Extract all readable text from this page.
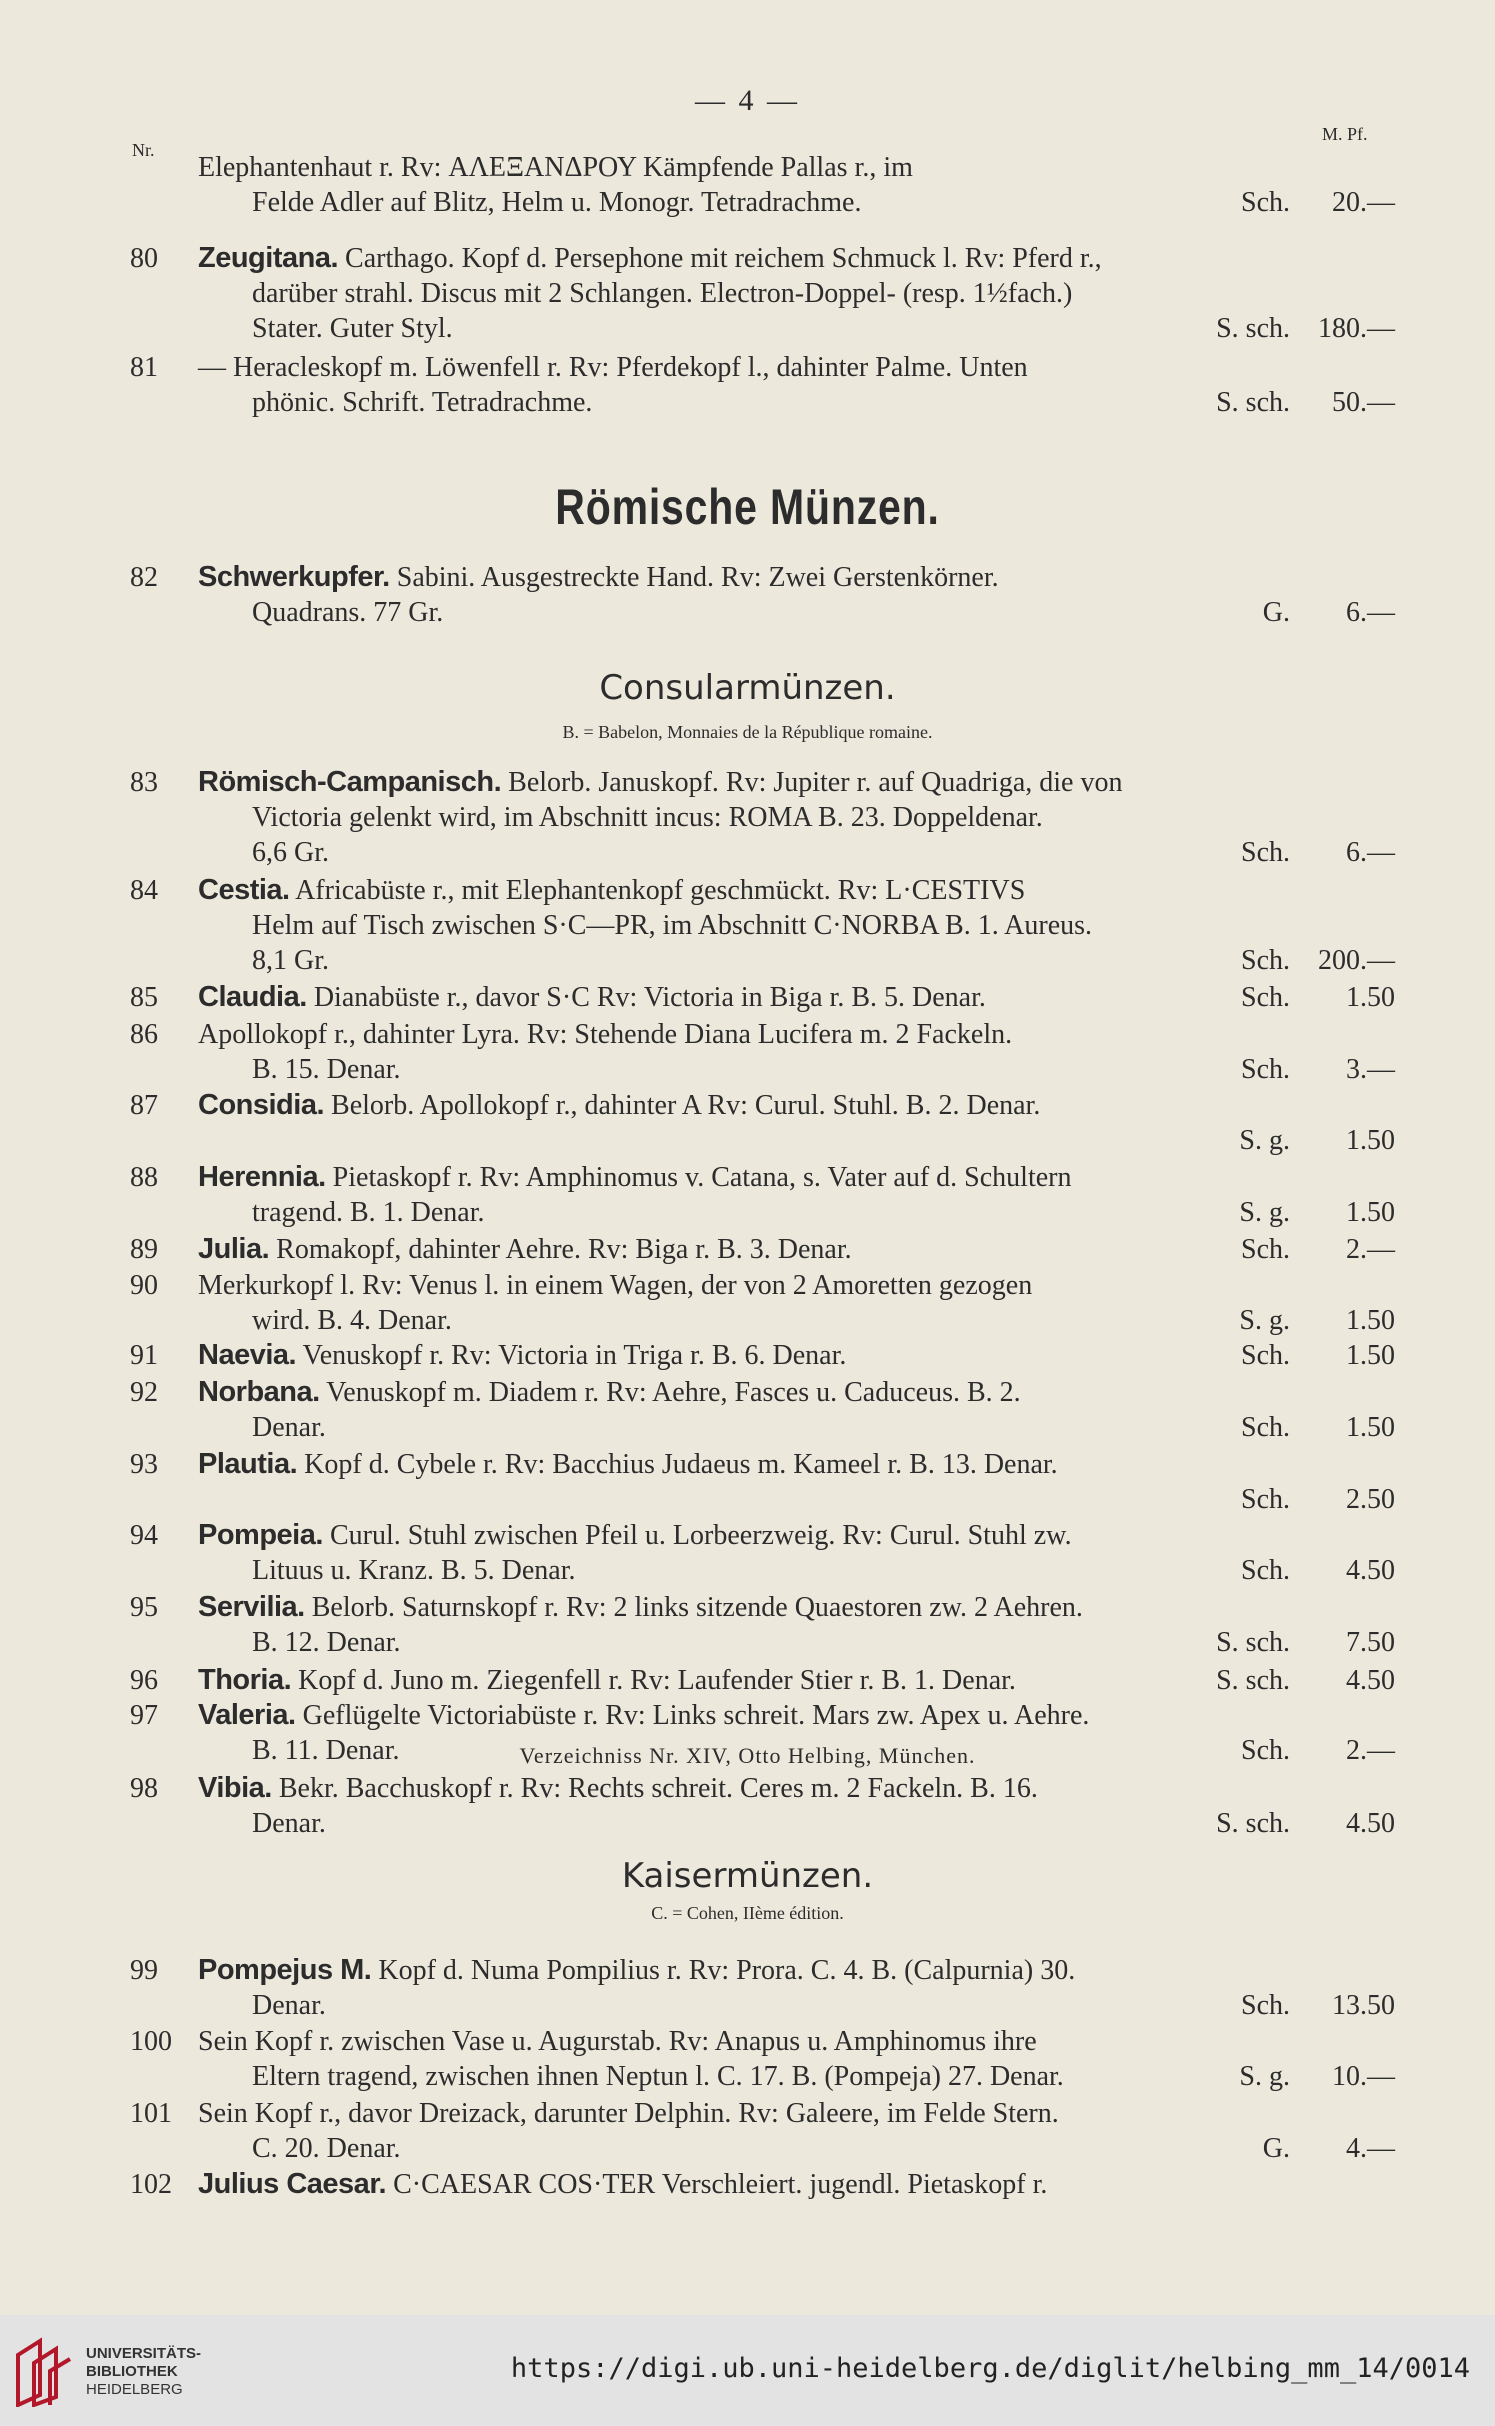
— 4 —
Nr.
M. Pf.
Römische Münzen.
Consularmünzen.
B. = Babelon, Monnaies de la République romaine.
Kaisermünzen.
C. = Cohen, IIème édition.
Elephantenhaut r. Rv: ΑΛΕΞΑΝΔΡΟΥ Kämpfende Pallas r., im
Felde Adler auf Blitz, Helm u. Monogr. Tetradrachme.	Sch. 20.—
80 Zeugitana. Carthago. Kopf d. Persephone mit reichem Schmuck l. Rv: Pferd r.,
darüber strahl. Discus mit 2 Schlangen. Electron-Doppel- (resp. 1½fach.)
Stater. Guter Styl.	S. sch. 180.—
81 — Heracleskopf m. Löwenfell r. Rv: Pferdekopf l., dahinter Palme. Unten
phönic. Schrift. Tetradrachme.	S. sch. 50.—
82 Schwerkupfer. Sabini. Ausgestreckte Hand. Rv: Zwei Gerstenkörner.
Quadrans. 77 Gr.	G. 6.—
83 Römisch-Campanisch. Belorb. Januskopf. Rv: Jupiter r. auf Quadriga, die von
Victoria gelenkt wird, im Abschnitt incus: ROMA B. 23. Doppeldenar.
6,6 Gr.	Sch. 6.—
84 Cestia. Africabüste r., mit Elephantenkopf geschmückt. Rv: L·CESTIVS
Helm auf Tisch zwischen S·C—PR, im Abschnitt C·NORBA B. 1. Aureus.
8,1 Gr.	Sch. 200.—
85 Claudia. Dianabüste r., davor S·C Rv: Victoria in Biga r. B. 5. Denar.	Sch. 1.50
86 Apollokopf r., dahinter Lyra. Rv: Stehende Diana Lucifera m. 2 Fackeln.
B. 15. Denar.	Sch. 3.—
87 Considia. Belorb. Apollokopf r., dahinter A Rv: Curul. Stuhl. B. 2. Denar.
S. g. 1.50
88 Herennia. Pietaskopf r. Rv: Amphinomus v. Catana, s. Vater auf d. Schultern
tragend. B. 1. Denar.	S. g. 1.50
89 Julia. Romakopf, dahinter Aehre. Rv: Biga r. B. 3. Denar.	Sch. 2.—
90 Merkurkopf l. Rv: Venus l. in einem Wagen, der von 2 Amoretten gezogen
wird. B. 4. Denar.	S. g. 1.50
91 Naevia. Venuskopf r. Rv: Victoria in Triga r. B. 6. Denar.	Sch. 1.50
92 Norbana. Venuskopf m. Diadem r. Rv: Aehre, Fasces u. Caduceus. B. 2.
Denar.	Sch. 1.50
93 Plautia. Kopf d. Cybele r. Rv: Bacchius Judaeus m. Kameel r. B. 13. Denar.
Sch. 2.50
94 Pompeia. Curul. Stuhl zwischen Pfeil u. Lorbeerzweig. Rv: Curul. Stuhl zw.
Lituus u. Kranz. B. 5. Denar.	Sch. 4.50
95 Servilia. Belorb. Saturnskopf r. Rv: 2 links sitzende Quaestoren zw. 2 Aehren.
B. 12. Denar.	S. sch. 7.50
96 Thoria. Kopf d. Juno m. Ziegenfell r. Rv: Laufender Stier r. B. 1. Denar.	S. sch. 4.50
97 Valeria. Geflügelte Victoriabüste r. Rv: Links schreit. Mars zw. Apex u. Aehre.
B. 11. Denar.	Sch. 2.—
98 Vibia. Bekr. Bacchuskopf r. Rv: Rechts schreit. Ceres m. 2 Fackeln. B. 16.
Denar.	S. sch. 4.50
99 Pompejus M. Kopf d. Numa Pompilius r. Rv: Prora. C. 4. B. (Calpurnia) 30.
Denar.	Sch. 13.50
100 Sein Kopf r. zwischen Vase u. Augurstab. Rv: Anapus u. Amphinomus ihre
Eltern tragend, zwischen ihnen Neptun l. C. 17. B. (Pompeja) 27. Denar.	S. g. 10.—
101 Sein Kopf r., davor Dreizack, darunter Delphin. Rv: Galeere, im Felde Stern.
C. 20. Denar.	G. 4.—
102 Julius Caesar. C·CAESAR COS·TER Verschleiert. jugendl. Pietaskopf r.
Verzeichniss Nr. XIV, Otto Helbing, München.
UNIVERSITÄTS-
BIBLIOTHEK
HEIDELBERG
https://digi.ub.uni-heidelberg.de/diglit/helbing_mm_14/0014
